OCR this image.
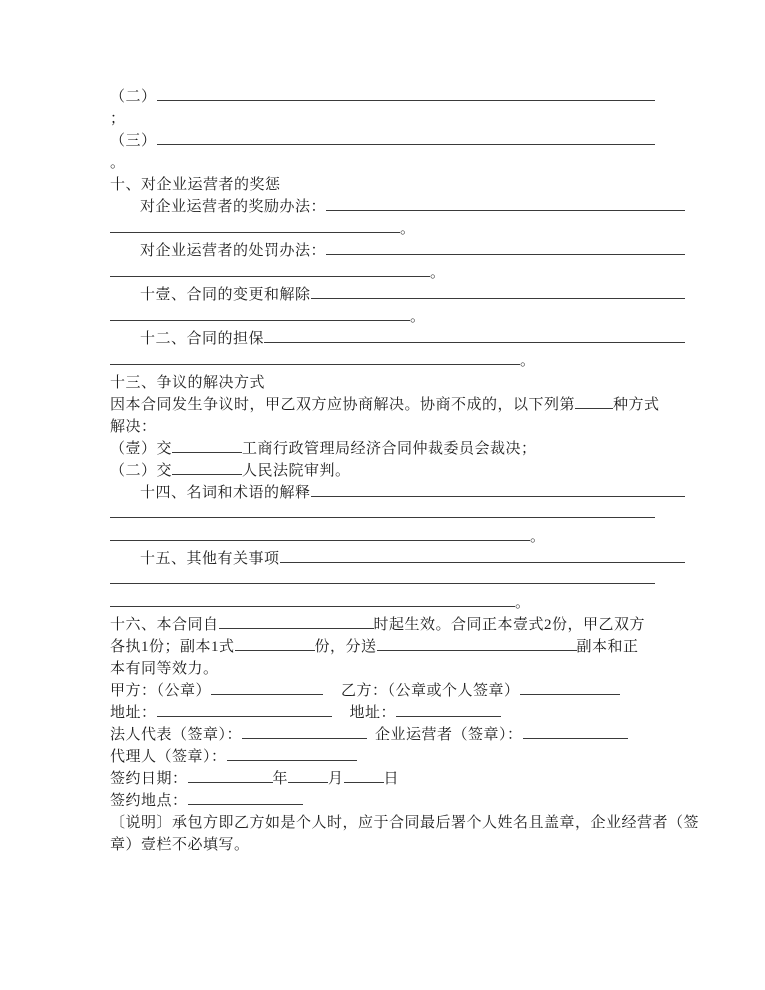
（二）
；
（三）
。
十、对企业运营者的奖惩
对企业运营者的奖励办法：
。
对企业运营者的处罚办法：
。
十壹、合同的变更和解除
。
十二、合同的担保
。
十三、争议的解决方式
因本合同发生争议时，甲乙双方应协商解决。协商不成的，以下列第	种方式
解决：
（壹）交	工商行政管理局经济合同仲裁委员会裁决；
（二）交	人民法院审判。
十四、名词和术语的解释
。
十五、其他有关事项
。
十六、本合同自	时起生效。合同正本壹式2份，甲乙双方
各执1份；副本1式	份，分送	副本和正
本有同等效力。
甲方：（公章）	乙方：（公章或个人签章）
地址：	地址：
法人代表（签章）：	企业运营者（签章）：
代理人（签章）：
签约日期：	年	月	日
签约地点：
〔说明〕承包方即乙方如是个人时，应于合同最后署个人姓名且盖章，企业经营者（签
章）壹栏不必填写。
